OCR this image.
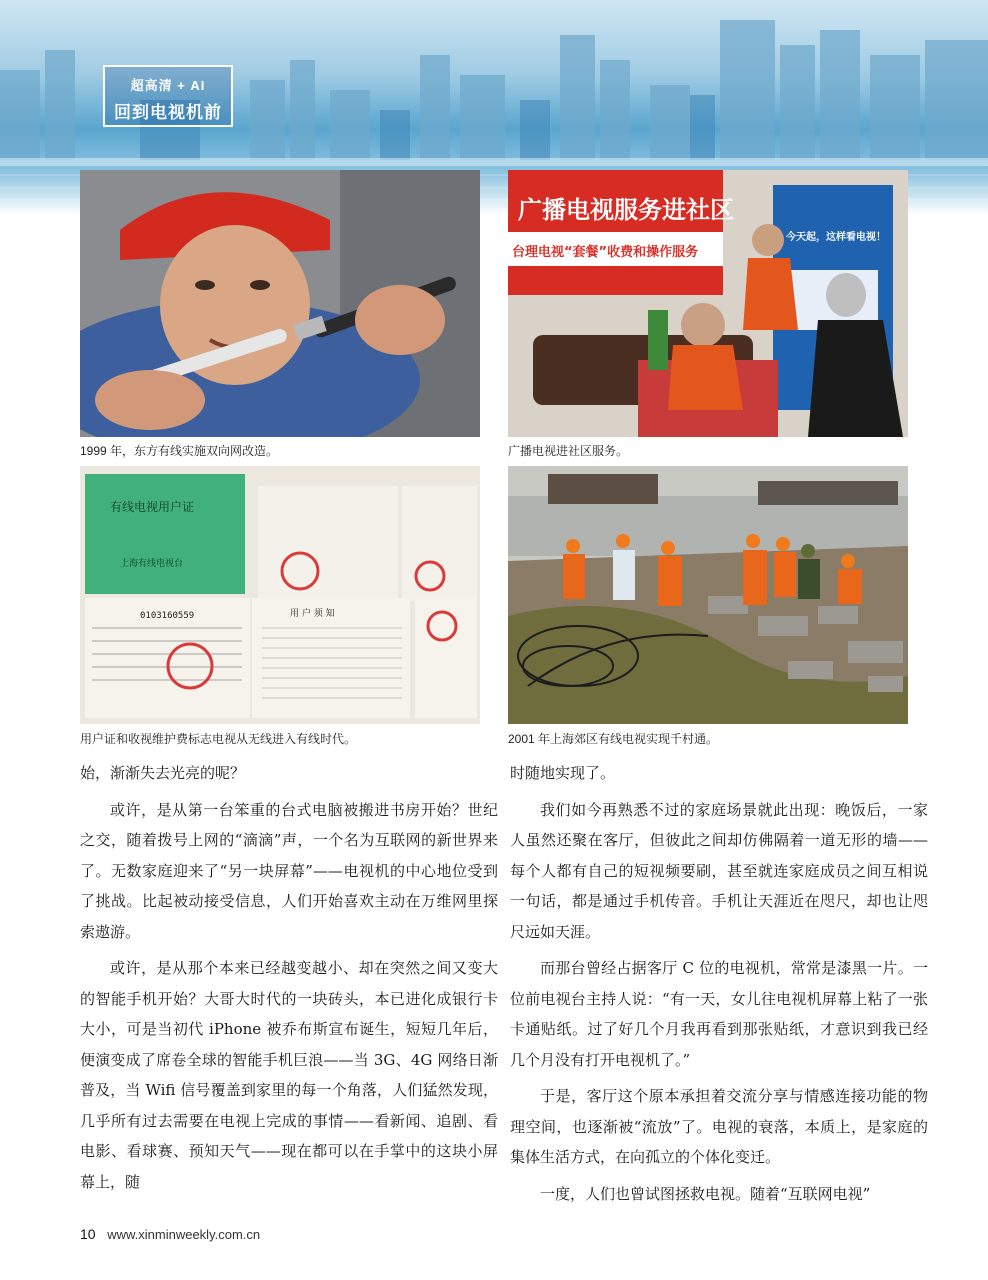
超高清 + AI
回到电视机前
1999 年，东方有线实施双向网改造。
广播电视服务进社区
台理电视“套餐”收费和操作服务
今天起，这样看电视！
广播电视进社区服务。
有线电视用户证
上海有线电视台
0103160559	用 户 须 知
用户证和收视维护费标志电视从无线进入有线时代。	2001 年上海郊区有线电视实现千村通。

始，渐渐失去光亮的呢？

或许，是从第一台笨重的台式电脑被搬进书房开始？世纪之交，随着拨号上网的“滴滴”声，一个名为互联网的新世界来了。无数家庭迎来了“另一块屏幕”——电视机的中心地位受到了挑战。比起被动接受信息，人们开始喜欢主动在万维网里探索遨游。

或许，是从那个本来已经越变越小、却在突然之间又变大的智能手机开始？大哥大时代的一块砖头，本已进化成银行卡大小，可是当初代 iPhone 被乔布斯宣布诞生，短短几年后，便演变成了席卷全球的智能手机巨浪——当 3G、4G 网络日渐普及，当 Wifi 信号覆盖到家里的每一个角落，人们猛然发现，几乎所有过去需要在电视上完成的事情——看新闻、追剧、看电影、看球赛、预知天气——现在都可以在手掌中的这块小屏幕上，随

时随地实现了。

我们如今再熟悉不过的家庭场景就此出现：晚饭后，一家人虽然还聚在客厅，但彼此之间却仿佛隔着一道无形的墙——每个人都有自己的短视频要刷，甚至就连家庭成员之间互相说一句话，都是通过手机传音。手机让天涯近在咫尺，却也让咫尺远如天涯。

而那台曾经占据客厅 C 位的电视机，常常是漆黑一片。一位前电视台主持人说：“有一天，女儿往电视机屏幕上粘了一张卡通贴纸。过了好几个月我再看到那张贴纸，才意识到我已经几个月没有打开电视机了。”

于是，客厅这个原本承担着交流分享与情感连接功能的物理空间，也逐渐被“流放”了。电视的衰落，本质上，是家庭的集体生活方式，在向孤立的个体化变迁。

一度，人们也曾试图拯救电视。随着“互联网电视”

10 www.xinminweekly.com.cn
